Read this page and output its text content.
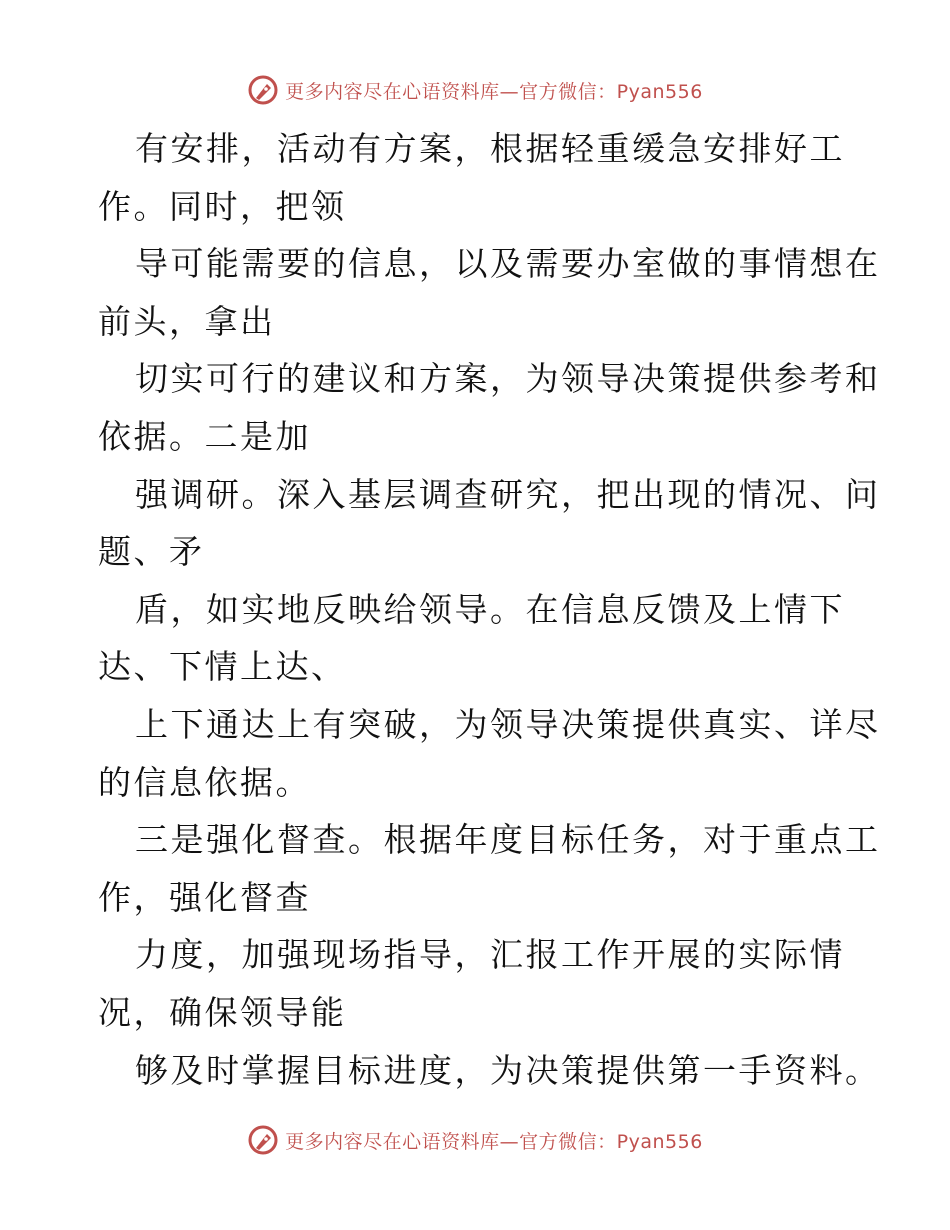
更多内容尽在心语资料库—官方微信：Pyan556
有安排，活动有方案，根据轻重缓急安排好工
作。同时，把领
导可能需要的信息，以及需要办室做的事情想在
前头，拿出
切实可行的建议和方案，为领导决策提供参考和
依据。二是加
强调研。深入基层调查研究，把出现的情况、问
题、矛
盾，如实地反映给领导。在信息反馈及上情下
达、下情上达、
上下通达上有突破，为领导决策提供真实、详尽
的信息依据。
三是强化督查。根据年度目标任务，对于重点工
作，强化督查
力度，加强现场指导，汇报工作开展的实际情
况，确保领导能
够及时掌握目标进度，为决策提供第一手资料。
更多内容尽在心语资料库—官方微信：Pyan556
